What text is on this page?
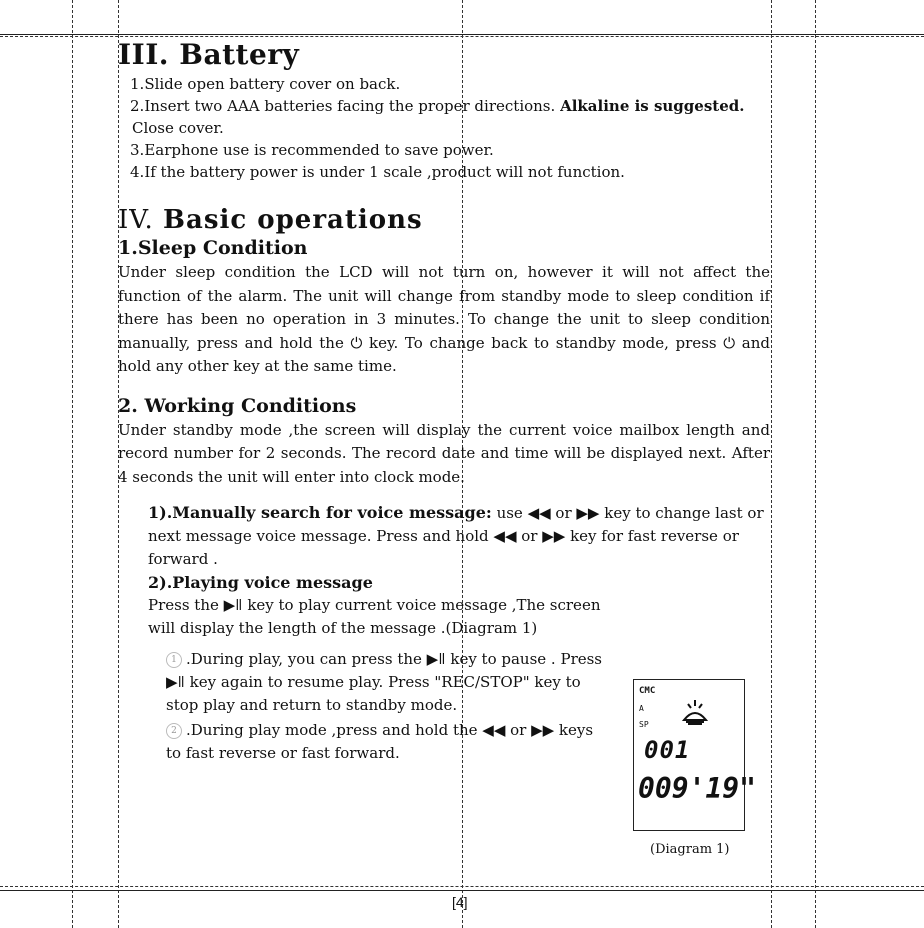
III. Battery
1.Slide open battery cover on back.
2.Insert two AAA batteries facing the proper directions. Alkaline is suggested. Close cover.
3.Earphone use is recommended to save power.
4.If the battery power is under 1 scale ,product will not function.
IV. Basic operations
1.Sleep Condition

Under sleep condition the LCD will not turn on, however it will not affect the function of the alarm. The unit will change from standby mode to sleep condition if there has been no operation in 3 minutes. To change the unit to sleep condition manually, press and hold the ⏻ key. To change back to standby mode, press ⏻ and hold any other key at the same time.

2. Working Conditions

Under standby mode ,the screen will display the current voice mailbox length and record number for 2 seconds. The record date and time will be displayed next. After 4 seconds the unit will enter into clock mode.

1).Manually search for voice message: use ◀◀ or ▶▶ key to change last or next message voice message. Press and hold ◀◀ or ▶▶ key for fast reverse or forward .
2).Playing voice message
Press the ▶ǁ key to play current voice message ,The screen will display the length of the message .(Diagram 1)
1 .During play, you can press the ▶ǁ key to pause . Press ▶ǁ key again to resume play. Press "REC/STOP" key to stop play and return to standby mode.
2 .During play mode ,press and hold the ◀◀ or ▶▶ keys to fast reverse or fast forward.
CMC
A
SP
001
009'19"
(Diagram 1)
[4]
